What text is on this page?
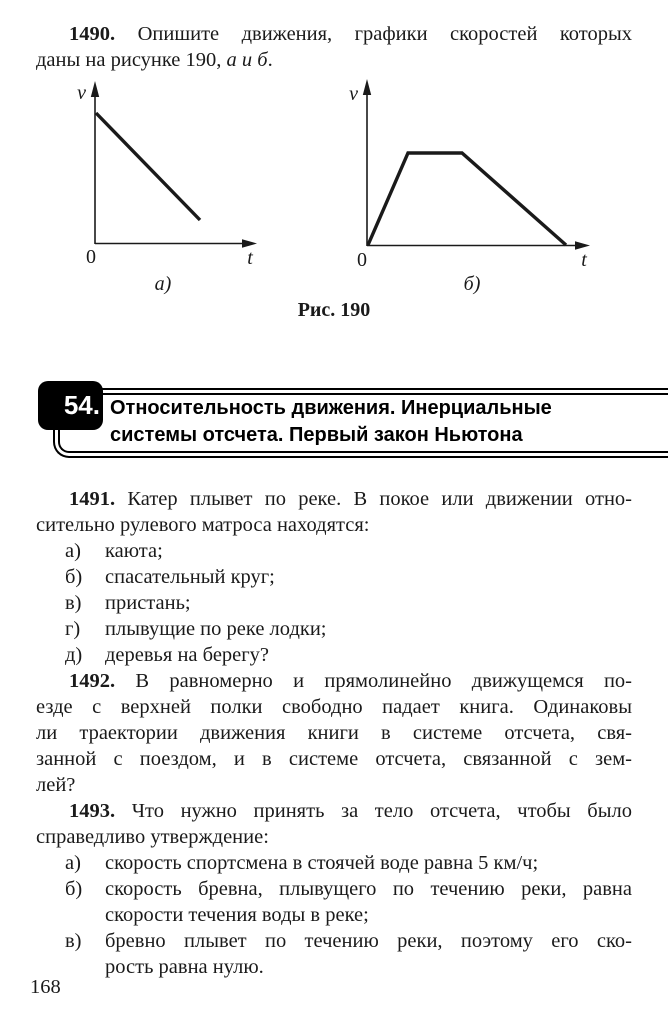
1490. Опишите движения, графики скоростей которых
даны на рисунке 190, а и б.
v
0	t
а)
v
0	t
б)
Рис. 190
54. Относительность движения. Инерциальные
системы отсчета. Первый закон Ньютона
1491. Катер плывет по реке. В покое или движении отно-
сительно рулевого матроса находятся:
а) каюта;
б) спасательный круг;
в) пристань;
г) плывущие по реке лодки;
д) деревья на берегу?
1492. В равномерно и прямолинейно движущемся по-
езде с верхней полки свободно падает книга. Одинаковы
ли траектории движения книги в системе отсчета, свя-
занной с поездом, и в системе отсчета, связанной с зем-
лей?
1493. Что нужно принять за тело отсчета, чтобы было
справедливо утверждение:
а) скорость спортсмена в стоячей воде равна 5 км/ч;
б) скорость бревна, плывущего по течению реки, равна
скорости течения воды в реке;
в) бревно плывет по течению реки, поэтому его ско-
рость равна нулю.
168
